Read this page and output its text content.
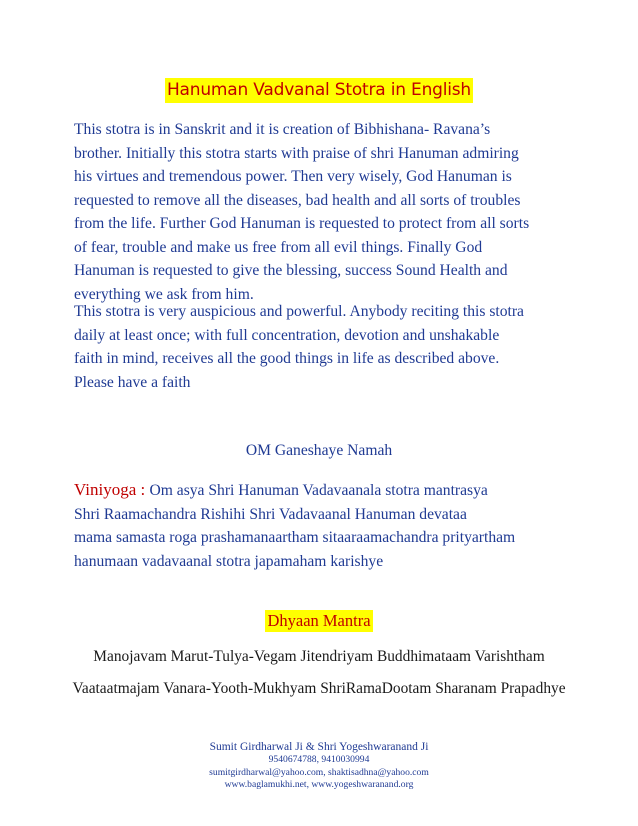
Hanuman Vadvanal Stotra in English
This stotra is in Sanskrit and it is creation of Bibhishana- Ravana’s
brother. Initially this stotra starts with praise of shri Hanuman admiring
his virtues and tremendous power. Then very wisely, God Hanuman is
requested to remove all the diseases, bad health and all sorts of troubles
from the life. Further God Hanuman is requested to protect from all sorts
of fear, trouble and make us free from all evil things. Finally God
Hanuman is requested to give the blessing, success Sound Health and
everything we ask from him.
This stotra is very auspicious and powerful. Anybody reciting this stotra
daily at least once; with full concentration, devotion and unshakable
faith in mind, receives all the good things in life as described above.
Please have a faith
OM Ganeshaye Namah
Viniyoga : Om asya Shri Hanuman Vadavaanala stotra mantrasya
Shri Raamachandra Rishihi Shri Vadavaanal Hanuman devataa
mama samasta roga prashamanaartham sitaaraamachandra prityartham
hanumaan vadavaanal stotra japamaham karishye
Dhyaan Mantra
Manojavam Marut-Tulya-Vegam Jitendriyam Buddhimataam Varishtham
Vaataatmajam Vanara-Yooth-Mukhyam ShriRamaDootam Sharanam Prapadhye
Sumit Girdharwal Ji & Shri Yogeshwaranand Ji
9540674788, 9410030994
sumitgirdharwal@yahoo.com, shaktisadhna@yahoo.com
www.baglamukhi.net, www.yogeshwaranand.org
